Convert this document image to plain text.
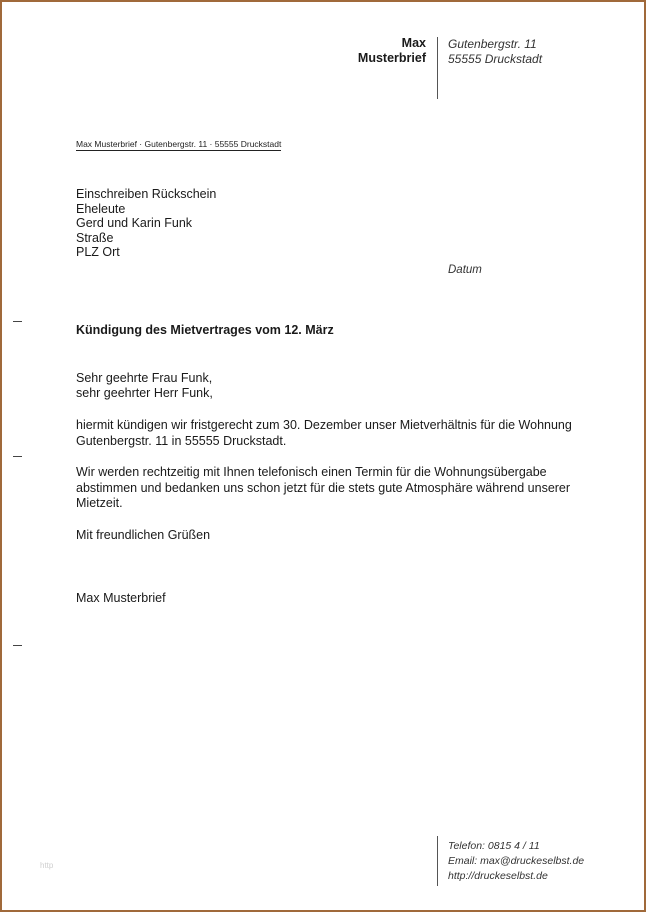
Max
Musterbrief
Gutenbergstr. 11
55555 Druckstadt
Max Musterbrief · Gutenbergstr. 11 · 55555 Druckstadt
Einschreiben Rückschein
Eheleute
Gerd und Karin Funk
Straße
PLZ Ort
Datum
Kündigung des Mietvertrages vom 12. März
Sehr geehrte Frau Funk,
sehr geehrter Herr Funk,
hiermit kündigen wir fristgerecht zum 30. Dezember unser Mietverhältnis für die Wohnung Gutenbergstr. 11 in 55555 Druckstadt.
Wir werden rechtzeitig mit Ihnen telefonisch einen Termin für die Wohnungsübergabe abstimmen und bedanken uns schon jetzt für die stets gute Atmosphäre während unserer Mietzeit.
Mit freundlichen Grüßen
Max Musterbrief
Telefon: 0815 4 / 11
Email: max@druckeselbst.de
http://druckeselbst.de
http
